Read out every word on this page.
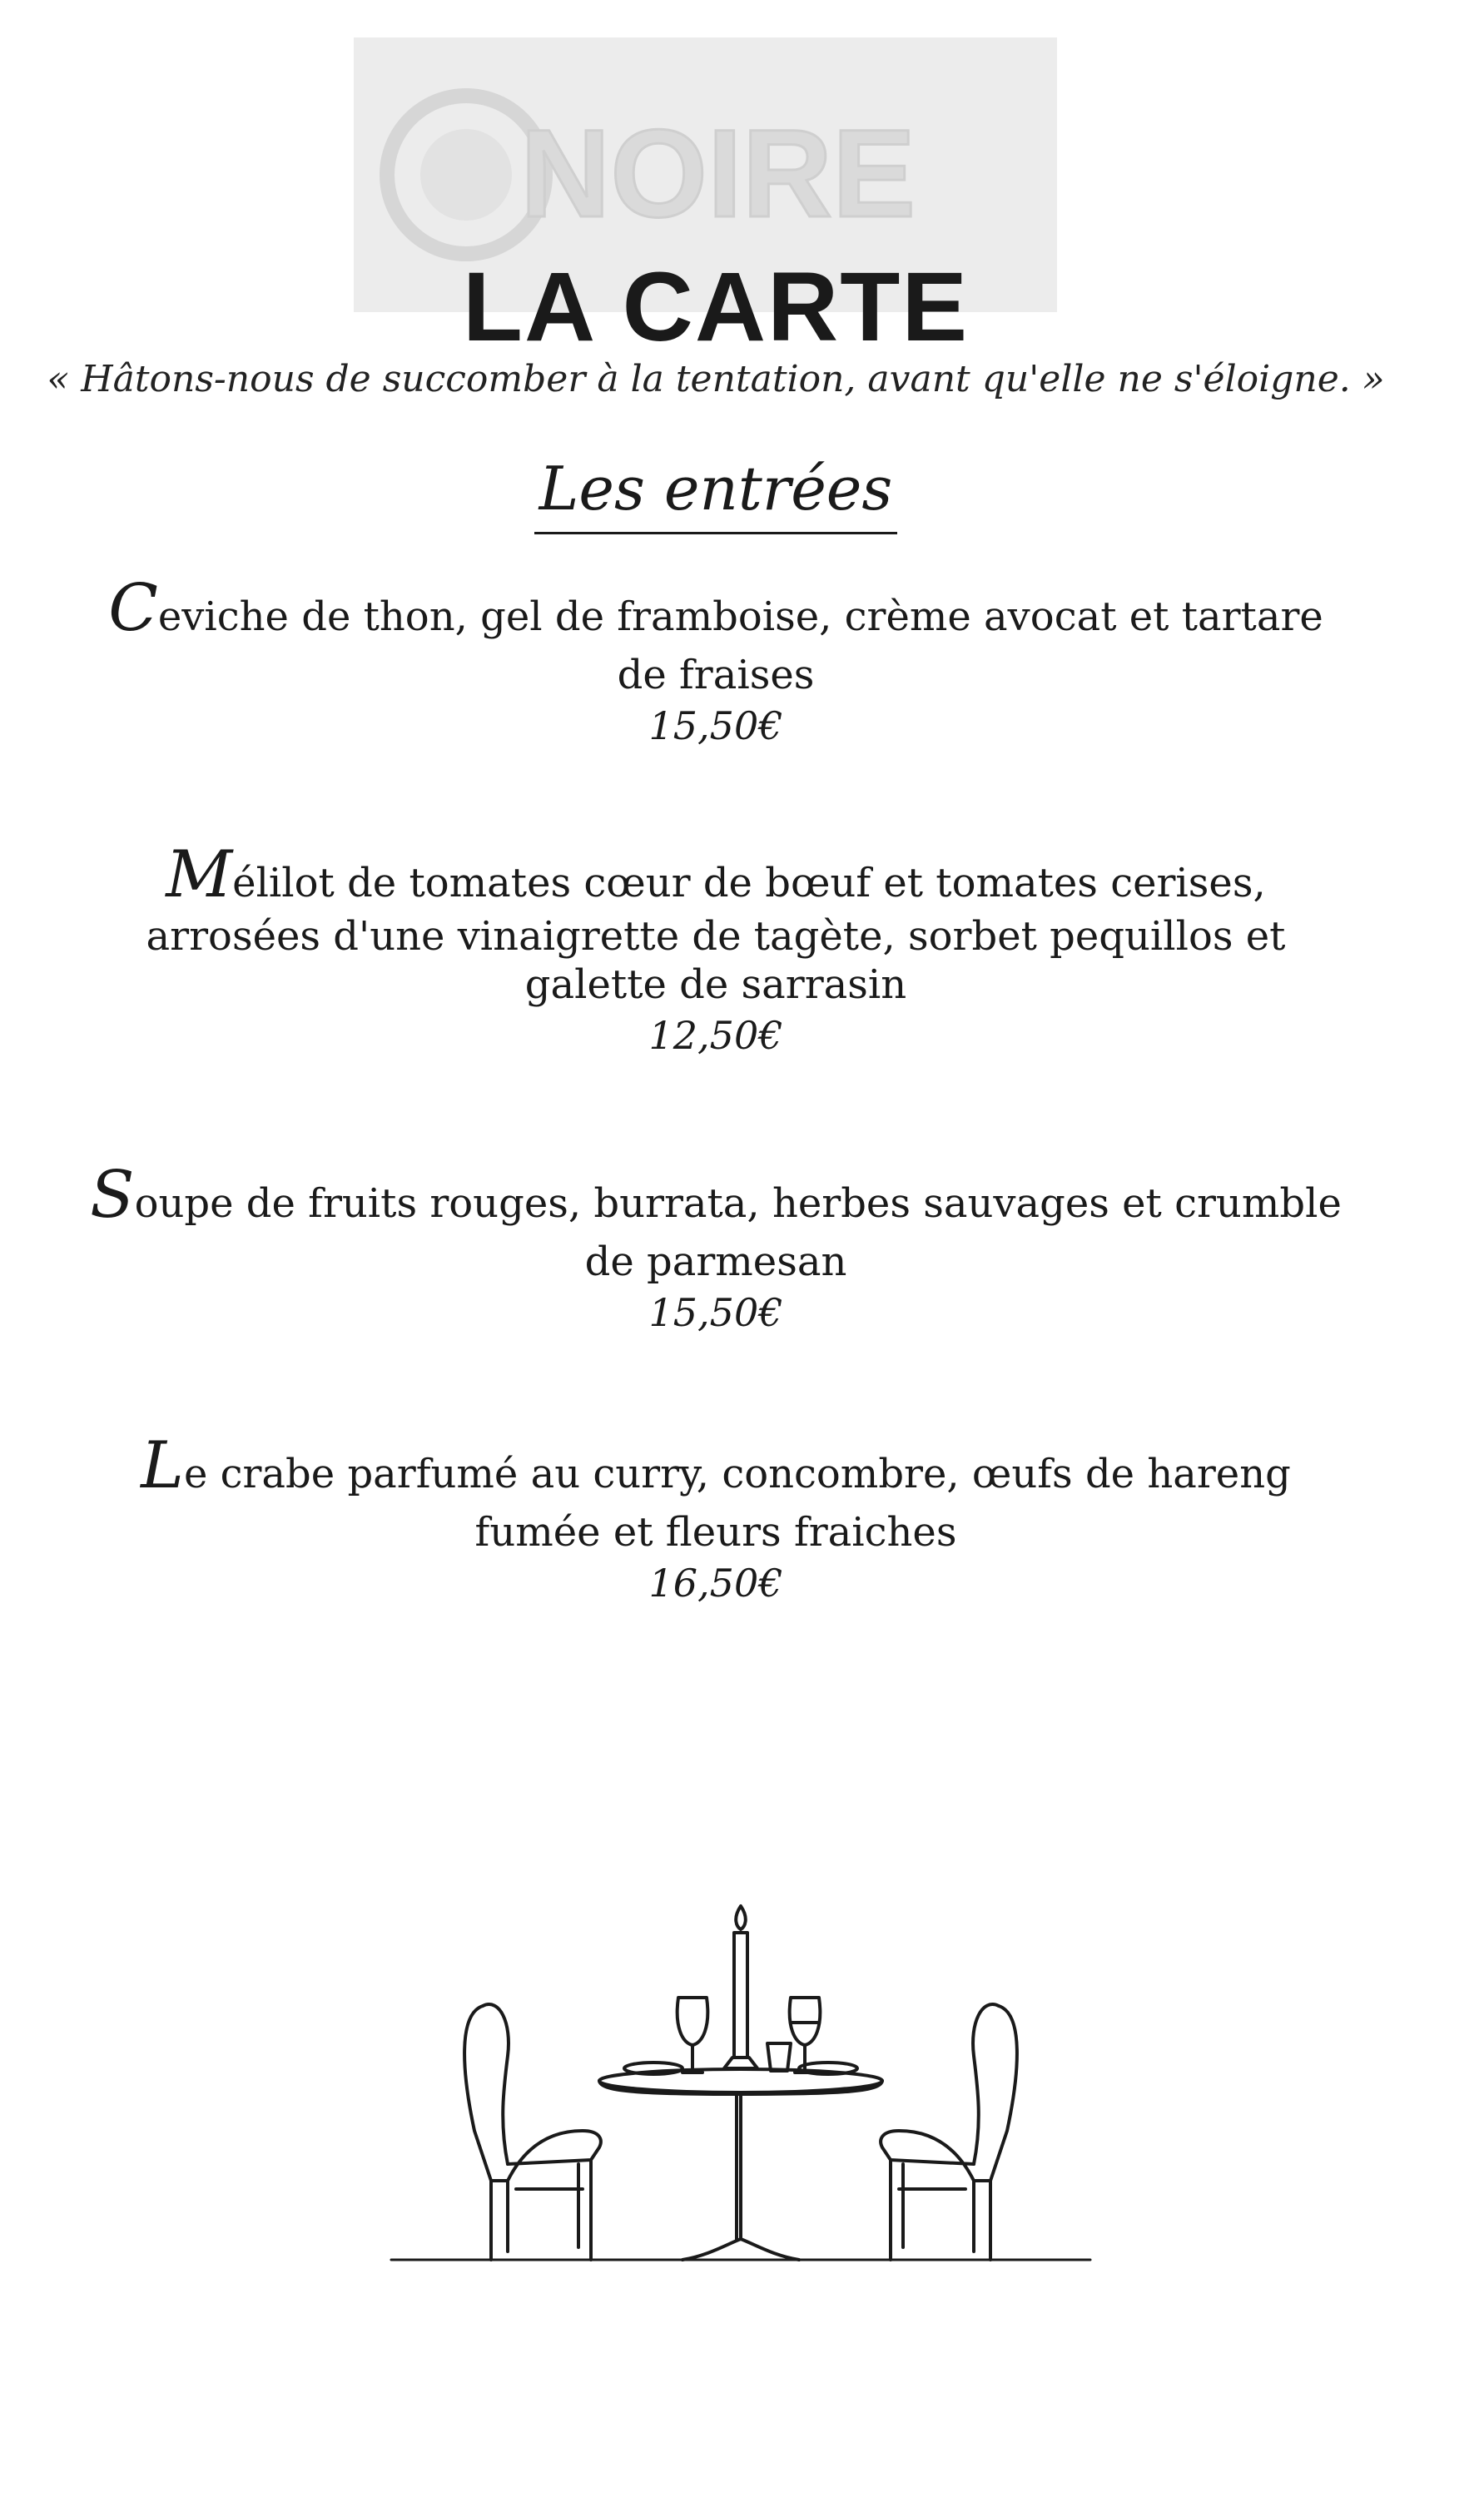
NOIRE
LA CARTE
« Hâtons-nous de succomber à la tentation, avant qu'elle ne s'éloigne. »
Les entrées
Ceviche de thon, gel de framboise, crème avocat et tartare
de fraises
15,50€
Mélilot de tomates cœur de bœuf et tomates cerises,
arrosées d'une vinaigrette de tagète, sorbet pequillos et
galette de sarrasin
12,50€
Soupe de fruits rouges, burrata, herbes sauvages et crumble
de parmesan
15,50€
Le crabe parfumé au curry, concombre, œufs de hareng
fumée et fleurs fraiches
16,50€
